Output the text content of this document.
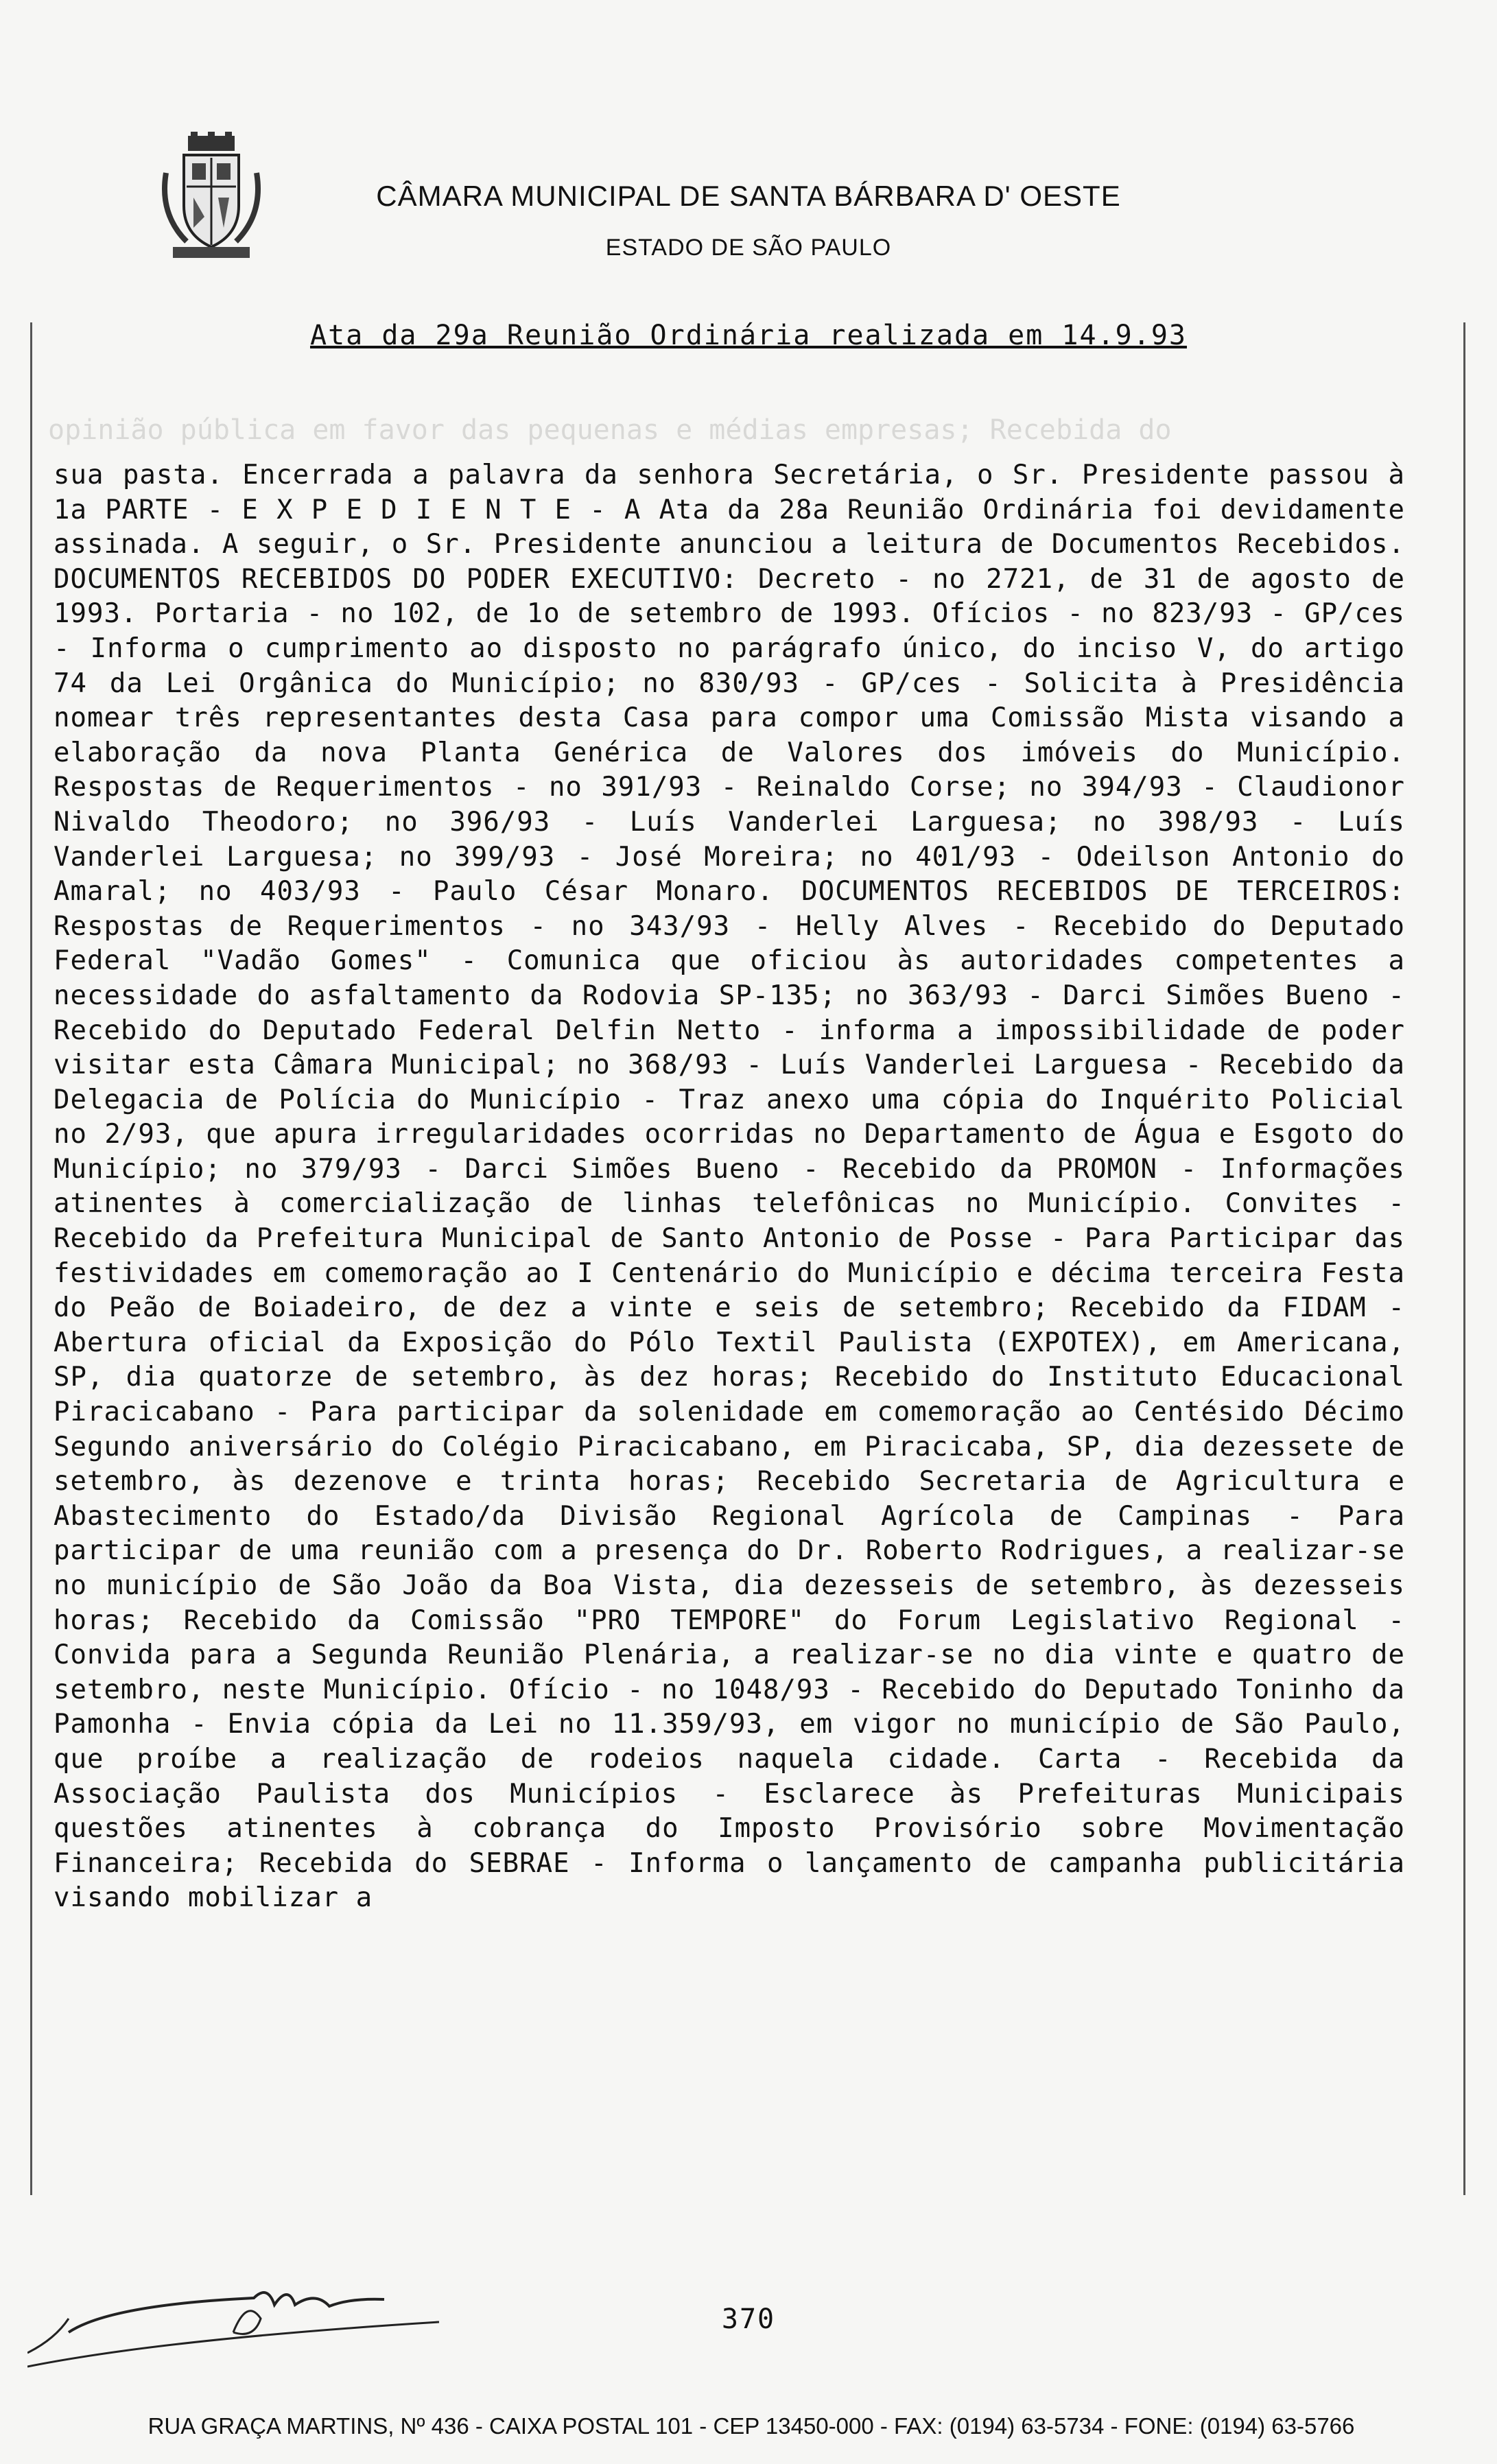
CÂMARA MUNICIPAL DE SANTA BÁRBARA D' OESTE
ESTADO DE SÃO PAULO
Ata da 29a Reunião Ordinária realizada em 14.9.93
opinião pública em favor das pequenas e médias empresas; Recebida do

sua pasta. Encerrada a palavra da senhora Secretária, o Sr. Presidente passou à 1a PARTE - E X P E D I E N T E - A Ata da 28a Reunião Ordinária foi devidamente assinada. A seguir, o Sr. Presidente anunciou a leitura de Documentos Recebidos. DOCUMENTOS RECEBIDOS DO PODER EXECUTIVO: Decreto - no 2721, de 31 de agosto de 1993. Portaria - no 102, de 1o de setembro de 1993. Ofícios - no 823/93 - GP/ces - Informa o cumprimento ao disposto no parágrafo único, do inciso V, do artigo 74 da Lei Orgânica do Município; no 830/93 - GP/ces - Solicita à Presidência nomear três representantes desta Casa para compor uma Comissão Mista visando a elaboração da nova Planta Genérica de Valores dos imóveis do Município. Respostas de Requerimentos - no 391/93 - Reinaldo Corse; no 394/93 - Claudionor Nivaldo Theodoro; no 396/93 - Luís Vanderlei Larguesa; no 398/93 - Luís Vanderlei Larguesa; no 399/93 - José Moreira; no 401/93 - Odeilson Antonio do Amaral; no 403/93 - Paulo César Monaro. DOCUMENTOS RECEBIDOS DE TERCEIROS: Respostas de Requerimentos - no 343/93 - Helly Alves - Recebido do Deputado Federal "Vadão Gomes" - Comunica que oficiou às autoridades competentes a necessidade do asfaltamento da Rodovia SP-135; no 363/93 - Darci Simões Bueno - Recebido do Deputado Federal Delfin Netto - informa a impossibilidade de poder visitar esta Câmara Municipal; no 368/93 - Luís Vanderlei Larguesa - Recebido da Delegacia de Polícia do Município - Traz anexo uma cópia do Inquérito Policial no 2/93, que apura irregularidades ocorridas no Departamento de Água e Esgoto do Município; no 379/93 - Darci Simões Bueno - Recebido da PROMON - Informações atinentes à comercialização de linhas telefônicas no Município. Convites - Recebido da Prefeitura Municipal de Santo Antonio de Posse - Para Participar das festividades em comemoração ao I Centenário do Município e décima terceira Festa do Peão de Boiadeiro, de dez a vinte e seis de setembro; Recebido da FIDAM - Abertura oficial da Exposição do Pólo Textil Paulista (EXPOTEX), em Americana, SP, dia quatorze de setembro, às dez horas; Recebido do Instituto Educacional Piracicabano - Para participar da solenidade em comemoração ao Centésido Décimo Segundo aniversário do Colégio Piracicabano, em Piracicaba, SP, dia dezessete de setembro, às dezenove e trinta horas; Recebido Secretaria de Agricultura e Abastecimento do Estado/da Divisão Regional Agrícola de Campinas - Para participar de uma reunião com a presença do Dr. Roberto Rodrigues, a realizar-se no município de São João da Boa Vista, dia dezesseis de setembro, às dezesseis horas; Recebido da Comissão "PRO TEMPORE" do Forum Legislativo Regional - Convida para a Segunda Reunião Plenária, a realizar-se no dia vinte e quatro de setembro, neste Município. Ofício - no 1048/93 - Recebido do Deputado Toninho da Pamonha - Envia cópia da Lei no 11.359/93, em vigor no município de São Paulo, que proíbe a realização de rodeios naquela cidade. Carta - Recebida da Associação Paulista dos Municípios - Esclarece às Prefeituras Municipais questões atinentes à cobrança do Imposto Provisório sobre Movimentação Financeira; Recebida do SEBRAE - Informa o lançamento de campanha publicitária visando mobilizar a

370
RUA GRAÇA MARTINS, Nº 436 - CAIXA POSTAL 101 - CEP 13450-000 - FAX: (0194) 63-5734 - FONE: (0194) 63-5766
